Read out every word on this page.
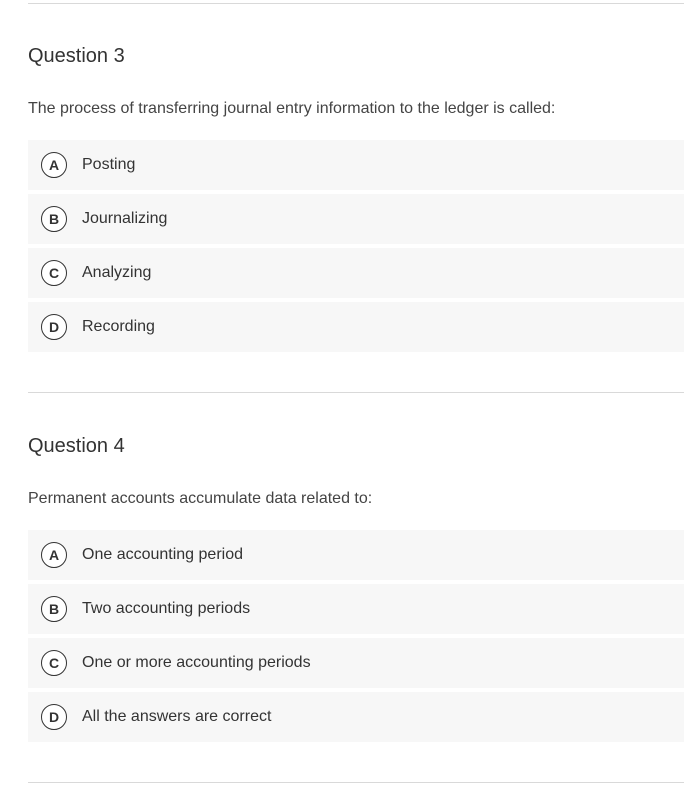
Question 3
The process of transferring journal entry information to the ledger is called:
A	Posting
B	Journalizing
C	Analyzing
D	Recording
Question 4
Permanent accounts accumulate data related to:
A	One accounting period
B	Two accounting periods
C	One or more accounting periods
D	All the answers are correct
